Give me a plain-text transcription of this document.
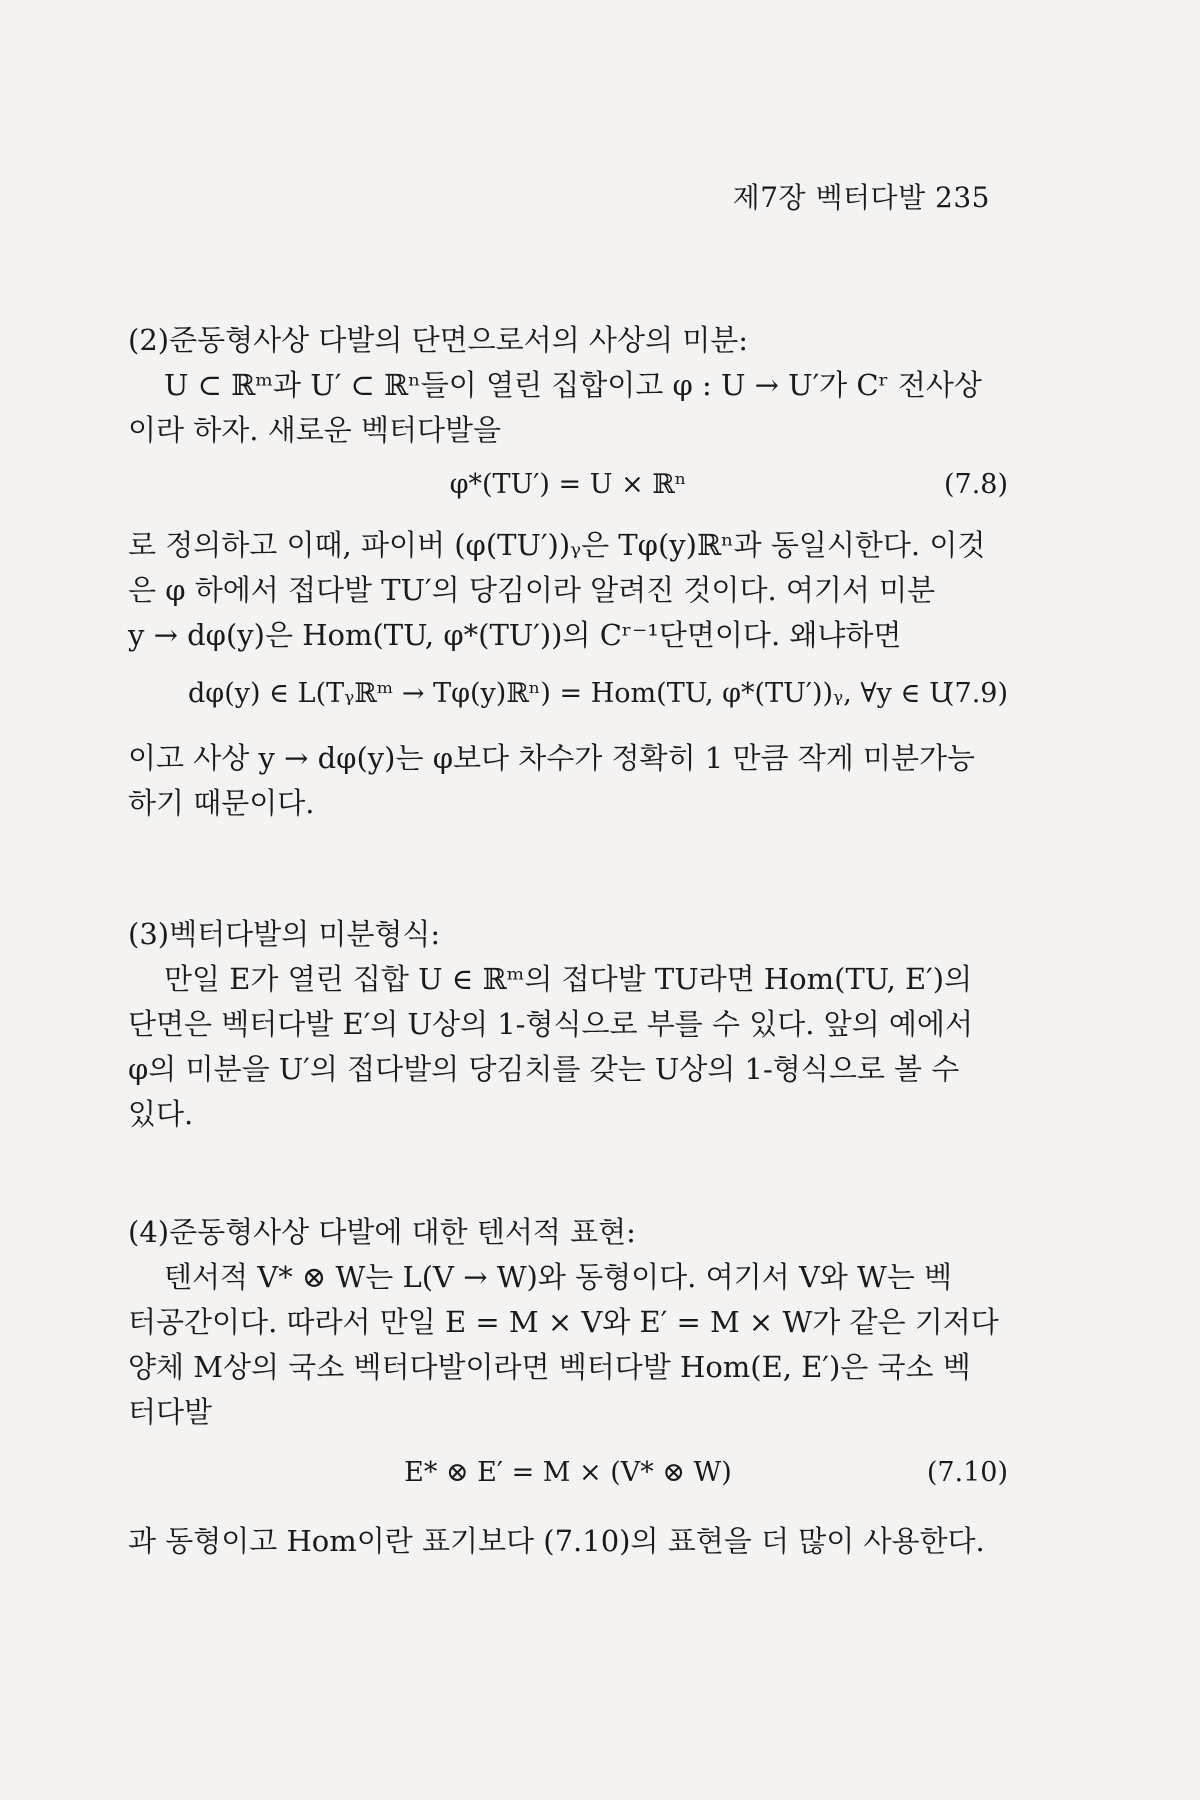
제7장 벡터다발 235
(2)준동형사상 다발의 단면으로서의 사상의 미분:
U ⊂ ℝᵐ과 U′ ⊂ ℝⁿ들이 열린 집합이고 φ : U → U′가 Cʳ 전사상
이라 하자. 새로운 벡터다발을
φ*(TU′) = U × ℝⁿ	(7.8)
로 정의하고 이때, 파이버 (φ(TU′))ᵧ은 Tφ(y)ℝⁿ과 동일시한다. 이것
은 φ 하에서 접다발 TU′의 당김이라 알려진 것이다. 여기서 미분
y → dφ(y)은 Hom(TU, φ*(TU′))의 Cʳ⁻¹단면이다. 왜냐하면
dφ(y) ∈ L(Tᵧℝᵐ → Tφ(y)ℝⁿ) = Hom(TU, φ*(TU′))ᵧ, ∀y ∈ U
(7.9)
이고 사상 y → dφ(y)는 φ보다 차수가 정확히 1 만큼 작게 미분가능
하기 때문이다.
(3)벡터다발의 미분형식:
만일 E가 열린 집합 U ∈ ℝᵐ의 접다발 TU라면 Hom(TU, E′)의
단면은 벡터다발 E′의 U상의 1-형식으로 부를 수 있다. 앞의 예에서
φ의 미분을 U′의 접다발의 당김치를 갖는 U상의 1-형식으로 볼 수
있다.
(4)준동형사상 다발에 대한 텐서적 표현:
텐서적 V* ⊗ W는 L(V → W)와 동형이다. 여기서 V와 W는 벡
터공간이다. 따라서 만일 E = M × V와 E′ = M × W가 같은 기저다
양체 M상의 국소 벡터다발이라면 벡터다발 Hom(E, E′)은 국소 벡
터다발
E* ⊗ E′ = M × (V* ⊗ W)	(7.10)
과 동형이고 Hom이란 표기보다 (7.10)의 표현을 더 많이 사용한다.
